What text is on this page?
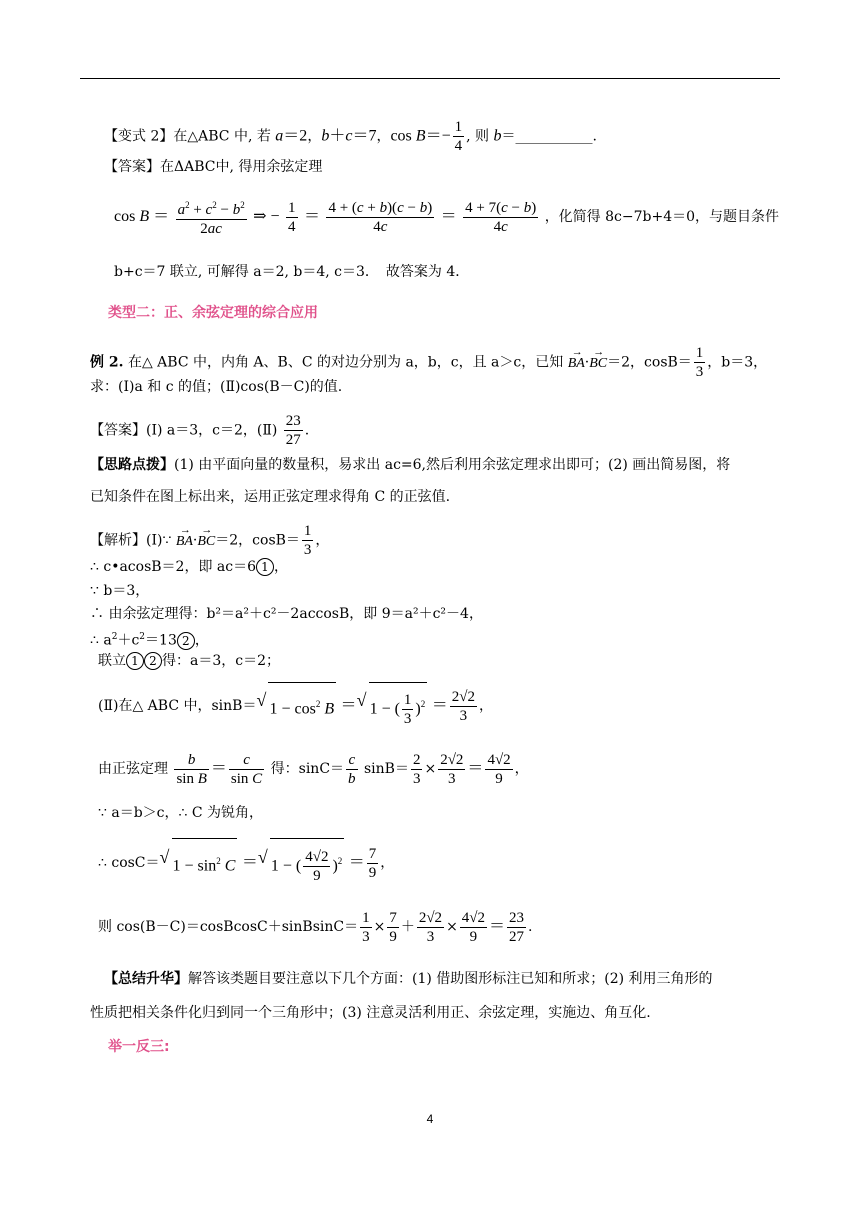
【变式 2】在△ABC 中, 若 a＝2，b＋c＝7，$\cos B=- \frac{1}{4}$ , 则 b＝___________.
【答案】在ΔABC中, 得用余弦定理
$\cos B = \frac{a^2 + c^2 - b^2}{2ac}$ ⇒ − $\frac{1}{4} = \frac{4 + (c + b)(c - b)}{4c} = \frac{4 + 7(c - b)}{4c}$ ，化简得 8c−7b+4＝0，与题目条件
b+c＝7 联立, 可解得 a＝2, b＝4, c＝3．　故答案为 4．
类型二：正、余弦定理的综合应用
例 2. 在△ ABC 中，内角 A、B、C 的对边分别为 a，b，c，且 a＞c，已知 → BA·→ BC＝2，$\cos B= \frac{1}{3}$ ，b＝3，
求：(Ⅰ)a 和 c 的值；(Ⅱ)cos(B－C)的值.
【答案】(Ⅰ) a＝3，c＝2，(Ⅱ) $\frac{23}{27}$ .
【思路点拨】(1) 由平面向量的数量积，易求出 ac=6,然后利用余弦定理求出即可；(2) 画出简易图，将
已知条件在图上标出来，运用正弦定理求得角 C 的正弦值.
【解析】(Ⅰ)∵ → BA·→ BC＝2，$\cos B= \frac{1}{3}$ ，
∴ c•acosB＝2，即 ac＝6 1 ，
∵ b＝3，
∴ 由余弦定理得：b²＝a²＋c²－2accosB，即 9＝a²＋c²－4，
∴ $a^2+c^2=13$ 2 ，
联立 1 2 得：a＝3，c＝2；
(Ⅱ)在△ ABC 中，sinB＝ √ $1 - \cos^2 B$ ＝ √ 1 − ( $\frac{1}{3} )^2 = \frac{2√2}{3}$ ，
由正弦定理 $\frac{b}{\text{sin B}} = \frac{c}{\text{sin C}}$ 得：$\sin C= \frac{c}{b} \sin B= \frac{2}{3} \times \frac{2√2}{3} = \frac{4√2}{9}$ ，
∵ a＝b＞c，∴ C 为锐角，
∴ cosC＝ √ $1 - \sin^2 C$ ＝ √ 1 − ( $\frac{4√2}{9} )^2 = \frac{7}{9}$ ，
则 cos(B－C)＝cosBcosC＋sinBsinC＝ $\frac{1}{3} \times \frac{7}{9} + \frac{2√2}{3} \times \frac{4√2}{9} = \frac{23}{27}$ .
【总结升华】解答该类题目要注意以下几个方面：(1) 借助图形标注已知和所求；(2) 利用三角形的
性质把相关条件化归到同一个三角形中；(3) 注意灵活利用正、余弦定理，实施边、角互化.
举一反三:
4
